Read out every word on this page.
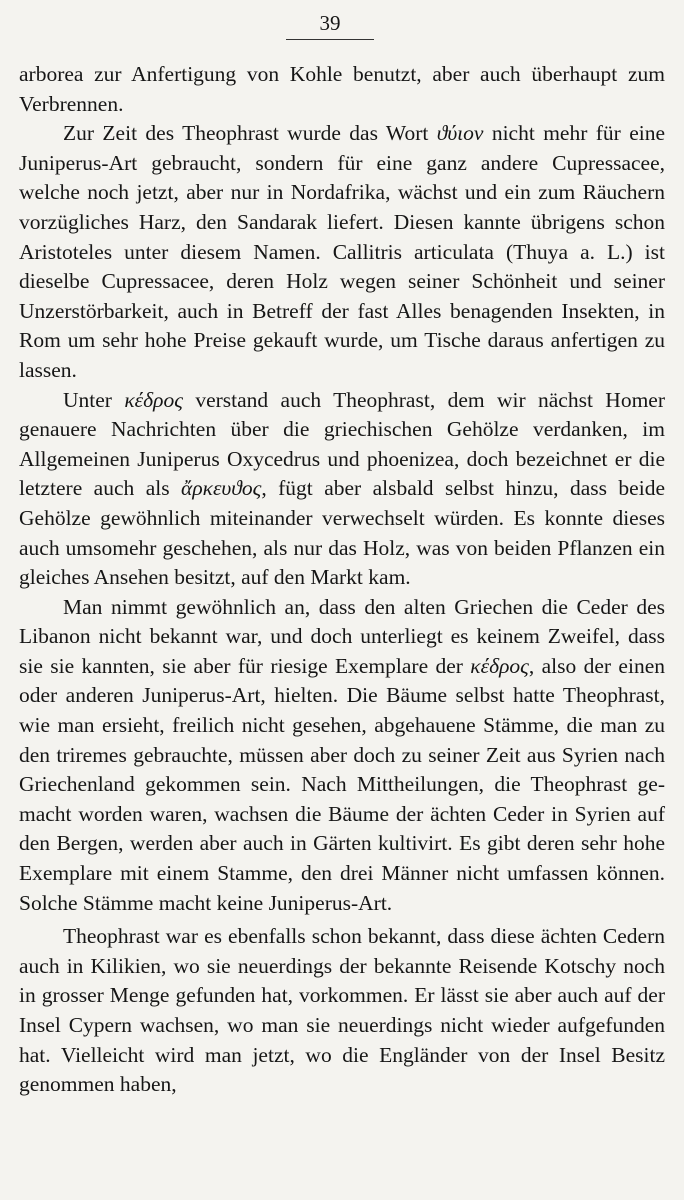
39

arborea zur Anfertigung von Kohle benutzt, aber auch überhaupt zum Verbrennen.

Zur Zeit des Theophrast wurde das Wort ϑύιον nicht mehr für eine Juniperus-Art gebraucht, sondern für eine ganz andere Cupressacee, welche noch jetzt, aber nur in Nordafrika, wächst und ein zum Räuchern vorzügliches Harz, den Sandarak liefert. Diesen kannte übrigens schon Aristoteles unter diesem Namen. Callitris articulata (Thuya a. L.) ist dieselbe Cupressacee, deren Holz wegen seiner Schönheit und seiner Unzerstörbarkeit, auch in Betreff der fast Alles benagenden Insekten, in Rom um sehr hohe Preise gekauft wurde, um Tische daraus anfertigen zu lassen.

Unter κέδρος verstand auch Theophrast, dem wir nächst Homer genauere Nachrichten über die griechischen Gehölze verdanken, im Allgemeinen Juniperus Oxycedrus und phoenizea, doch bezeichnet er die letztere auch als ἄρκευϑος, fügt aber alsbald selbst hinzu, dass beide Gehölze gewöhnlich miteinander verwechselt würden. Es konnte dieses auch umsomehr geschehen, als nur das Holz, was von beiden Pflanzen ein gleiches Ansehen besitzt, auf den Markt kam.

Man nimmt gewöhnlich an, dass den alten Griechen die Ceder des Libanon nicht bekannt war, und doch unterliegt es keinem Zweifel, dass sie sie kannten, sie aber für riesige Exemplare der κέδρος, also der einen oder anderen Juniperus-Art, hielten. Die Bäume selbst hatte Theophrast, wie man ersieht, freilich nicht gesehen, abgehauene Stämme, die man zu den triremes gebrauchte, müssen aber doch zu seiner Zeit aus Syrien nach Griechenland gekommen sein. Nach Mittheilungen, die Theophrast gemacht worden waren, wachsen die Bäume der ächten Ceder in Syrien auf den Bergen, werden aber auch in Gärten kultivirt. Es gibt deren sehr hohe Exemplare mit einem Stamme, den drei Männer nicht umfassen können. Solche Stämme macht keine Juniperus-Art.

Theophrast war es ebenfalls schon bekannt, dass diese ächten Cedern auch in Kilikien, wo sie neuerdings der bekannte Reisende Kotschy noch in grosser Menge gefunden hat, vorkommen. Er lässt sie aber auch auf der Insel Cypern wachsen, wo man sie neuerdings nicht wieder aufgefunden hat. Vielleicht wird man jetzt, wo die Engländer von der Insel Besitz genommen haben,
